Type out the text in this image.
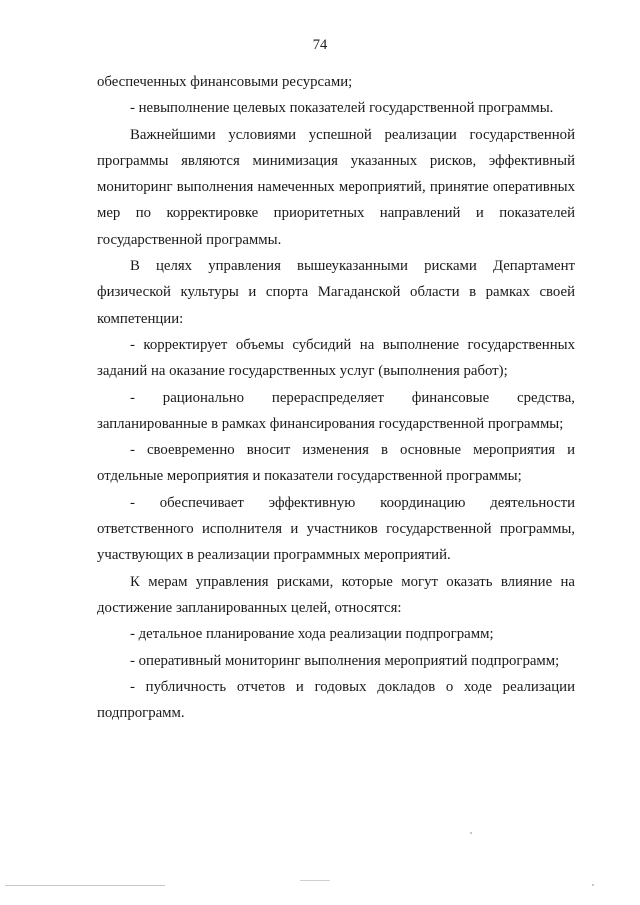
74

обеспеченных финансовыми ресурсами;

- невыполнение целевых показателей государственной программы.

Важнейшими условиями успешной реализации государственной программы являются минимизация указанных рисков, эффективный мониторинг выполнения намеченных мероприятий, принятие оперативных мер по корректировке приоритетных направлений и показателей государственной программы.

В целях управления вышеуказанными рисками Департамент физической культуры и спорта Магаданской области в рамках своей компетенции:

- корректирует объемы субсидий на выполнение государственных заданий на оказание государственных услуг (выполнения работ);

- рационально перераспределяет финансовые средства, запланированные в рамках финансирования государственной программы;

- своевременно вносит изменения в основные мероприятия и отдельные мероприятия и показатели государственной программы;

- обеспечивает эффективную координацию деятельности ответственного исполнителя и участников государственной программы, участвующих в реализации программных мероприятий.

К мерам управления рисками, которые могут оказать влияние на достижение запланированных целей, относятся:

- детальное планирование хода реализации подпрограмм;

- оперативный мониторинг выполнения мероприятий подпрограмм;

- публичность отчетов и годовых докладов о ходе реализации подпрограмм.
